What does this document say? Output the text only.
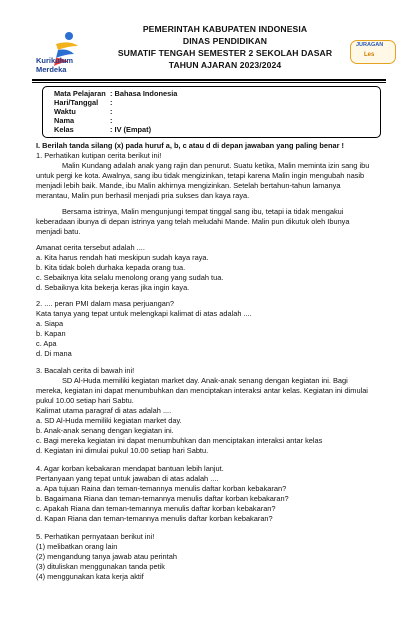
Kurikulum
Merdeka
PEMERINTAH KABUPATEN INDONESIA
DINAS PENDIDIKAN
SUMATIF TENGAH SEMESTER 2 SEKOLAH DASAR
TAHUN AJARAN 2023/2024
JURAGAN
Les
Mata Pelajaran : Bahasa Indonesia
Hari/Tanggal :
Waktu	:
Nama	:
Kelas	: IV (Empat)
I. Berilah tanda silang (x) pada huruf a, b, c atau d di depan jawaban yang paling benar !
1. Perhatikan kutipan cerita berikut ini!
Malin Kundang adalah anak yang rajin dan penurut. Suatu ketika, Malin meminta izin sang ibu
untuk pergi ke kota. Awalnya, sang ibu tidak mengizinkan, tetapi karena Malin ingin mengubah nasib
menjadi lebih baik. Mande, ibu Malin akhirnya mengizinkan. Setelah bertahun-tahun lamanya
merantau, Malin pun berhasil menjadi pria sukses dan kaya raya.
Bersama istrinya, Malin mengunjungi tempat tinggal sang ibu, tetapi ia tidak mengakui
keberadaan ibunya di depan istrinya yang telah meludahi Mande. Malin pun dikutuk oleh Ibunya
menjadi batu.
Amanat cerita tersebut adalah ....
a. Kita harus rendah hati meskipun sudah kaya raya.
b. Kita tidak boleh durhaka kepada orang tua.
c. Sebaiknya kita selalu menolong orang yang sudah tua.
d. Sebaiknya kita bekerja keras jika ingin kaya.
2. .... peran PMI dalam masa perjuangan?
Kata tanya yang tepat untuk melengkapi kalimat di atas adalah ....
a. Siapa
b. Kapan
c. Apa
d. Di mana
3. Bacalah cerita di bawah ini!
SD Al-Huda memiliki kegiatan market day. Anak-anak senang dengan kegiatan ini. Bagi
mereka, kegiatan ini dapat menumbuhkan dan menciptakan interaksi antar kelas. Kegiatan ini dimulai
pukul 10.00 setiap hari Sabtu.
Kalimat utama paragraf di atas adalah ....
a. SD Al-Huda memiliki kegiatan market day.
b. Anak-anak senang dengan kegiatan ini.
c. Bagi mereka kegiatan ini dapat menumbuhkan dan menciptakan interaksi antar kelas
d. Kegiatan ini dimulai pukul 10.00 setiap hari Sabtu.
4. Agar korban kebakaran mendapat bantuan lebih lanjut.
Pertanyaan yang tepat untuk jawaban di atas adalah ....
a. Apa tujuan Raina dan teman-temannya menulis daftar korban kebakaran?
b. Bagaimana Riana dan teman-temannya menulis daftar korban kebakaran?
c. Apakah Riana dan teman-temannya menulis daftar korban kebakaran?
d. Kapan Riana dan teman-temannya menulis daftar korban kebakaran?
5. Perhatikan pernyataan berikut ini!
(1) melibatkan orang lain
(2) mengandung tanya jawab atau perintah
(3) dituliskan menggunakan tanda petik
(4) menggunakan kata kerja aktif
